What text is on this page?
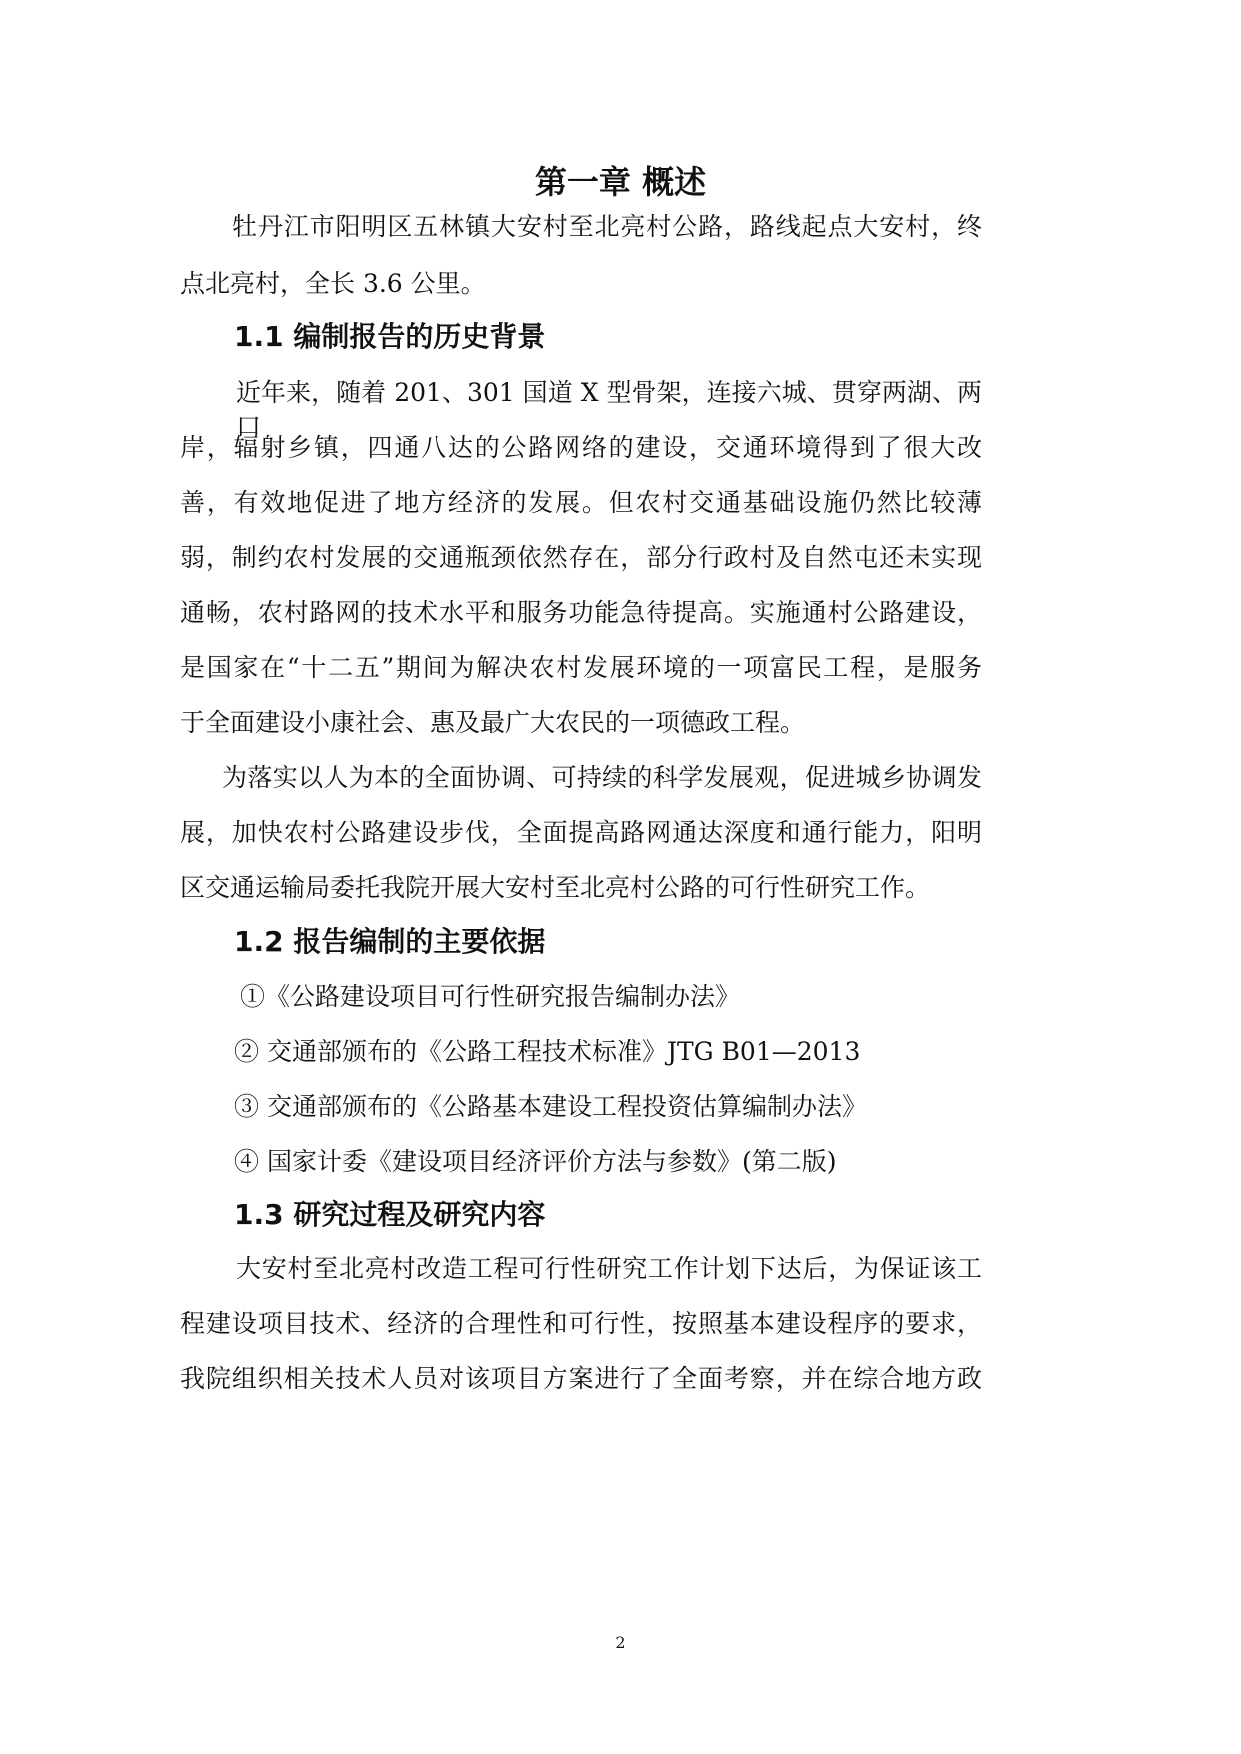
第一章 概述
牡丹江市阳明区五林镇大安村至北亮村公路，路线起点大安村，终
点北亮村，全长 3.6 公里。
1.1 编制报告的历史背景
近年来，随着 201、301 国道 X 型骨架，连接六城、贯穿两湖、两口
岸，辐射乡镇，四通八达的公路网络的建设，交通环境得到了很大改
善，有效地促进了地方经济的发展。但农村交通基础设施仍然比较薄
弱，制约农村发展的交通瓶颈依然存在，部分行政村及自然屯还未实现
通畅，农村路网的技术水平和服务功能急待提高。实施通村公路建设，
是国家在“十二五”期间为解决农村发展环境的一项富民工程，是服务
于全面建设小康社会、惠及最广大农民的一项德政工程。
为落实以人为本的全面协调、可持续的科学发展观，促进城乡协调发
展，加快农村公路建设步伐，全面提高路网通达深度和通行能力，阳明
区交通运输局委托我院开展大安村至北亮村公路的可行性研究工作。
1.2 报告编制的主要依据
①《公路建设项目可行性研究报告编制办法》
② 交通部颁布的《公路工程技术标准》JTG B01—2013
③ 交通部颁布的《公路基本建设工程投资估算编制办法》
④ 国家计委《建设项目经济评价方法与参数》(第二版)
1.3 研究过程及研究内容
大安村至北亮村改造工程可行性研究工作计划下达后，为保证该工
程建设项目技术、经济的合理性和可行性，按照基本建设程序的要求，
我院组织相关技术人员对该项目方案进行了全面考察，并在综合地方政
2
